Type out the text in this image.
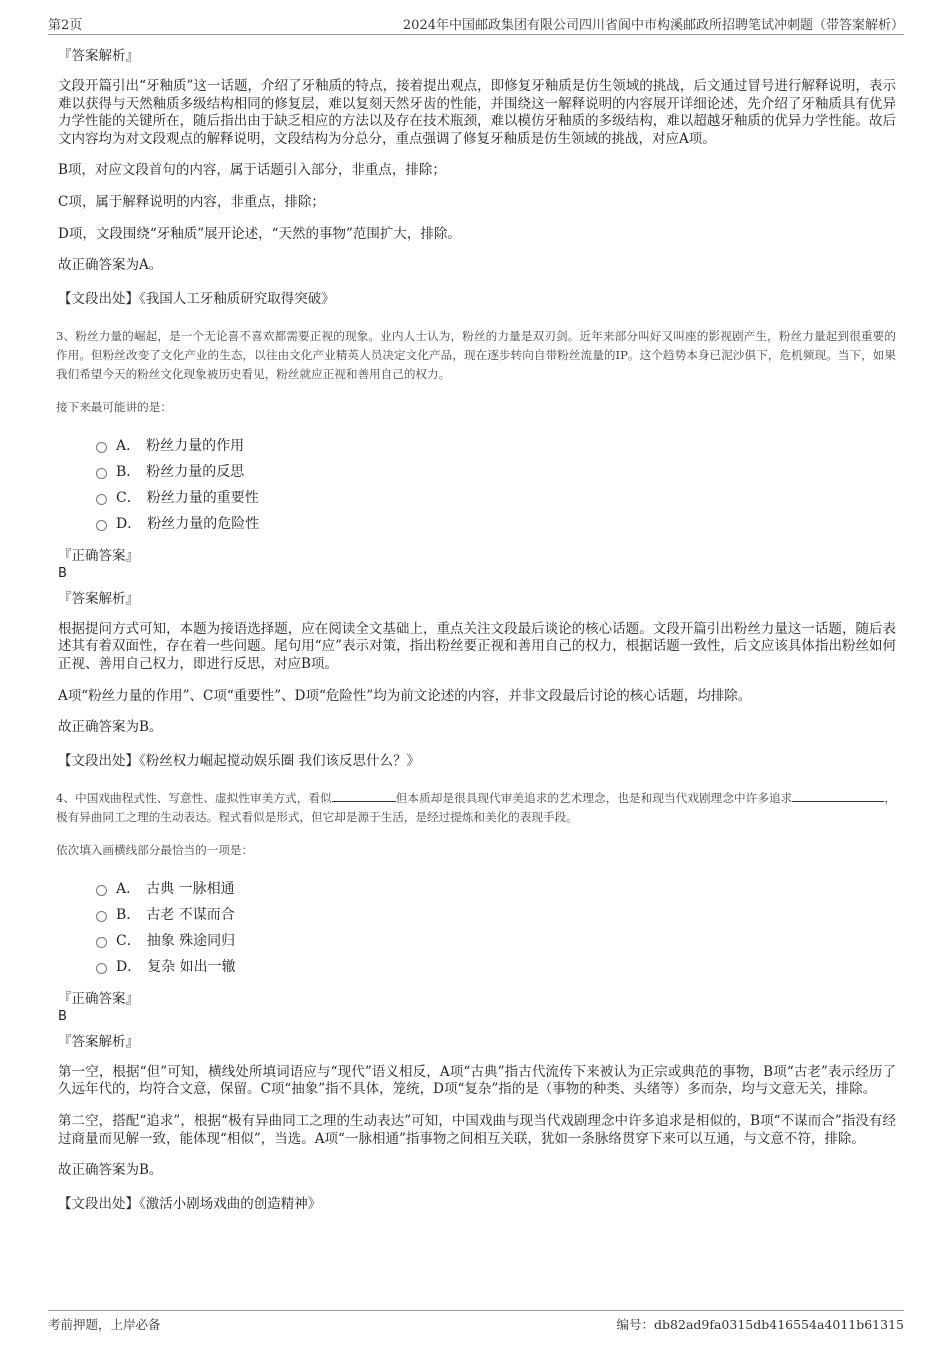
第2页	2024年中国邮政集团有限公司四川省阆中市构溪邮政所招聘笔试冲刺题（带答案解析）
『答案解析』

文段开篇引出“牙釉质”这一话题，介绍了牙釉质的特点，接着提出观点，即修复牙釉质是仿生领域的挑战，后文通过冒号进行解释说明，表示难以获得与天然釉质多级结构相同的修复层，难以复刻天然牙齿的性能，并围绕这一解释说明的内容展开详细论述，先介绍了牙釉质具有优异力学性能的关键所在，随后指出由于缺乏相应的方法以及存在技术瓶颈，难以模仿牙釉质的多级结构，难以超越牙釉质的优异力学性能。故后文内容均为对文段观点的解释说明，文段结构为分总分，重点强调了修复牙釉质是仿生领域的挑战，对应A项。

B项，对应文段首句的内容，属于话题引入部分，非重点，排除；

C项，属于解释说明的内容，非重点，排除；

D项，文段围绕“牙釉质”展开论述，“天然的事物”范围扩大，排除。

故正确答案为A。

【文段出处】《我国人工牙釉质研究取得突破》

3、粉丝力量的崛起，是一个无论喜不喜欢都需要正视的现象。业内人士认为，粉丝的力量是双刃剑。近年来部分叫好又叫座的影视剧产生，粉丝力量起到很重要的作用。但粉丝改变了文化产业的生态，以往由文化产业精英人员决定文化产品，现在逐步转向自带粉丝流量的IP。这个趋势本身已泥沙俱下，危机频现。当下，如果我们希望今天的粉丝文化现象被历史看见，粉丝就应正视和善用自己的权力。

接下来最可能讲的是：
A． 粉丝力量的作用
B． 粉丝力量的反思
C． 粉丝力量的重要性
D． 粉丝力量的危险性
『正确答案』
B
『答案解析』

根据提问方式可知，本题为接语选择题，应在阅读全文基础上，重点关注文段最后谈论的核心话题。文段开篇引出粉丝力量这一话题，随后表述其有着双面性，存在着一些问题。尾句用“应”表示对策，指出粉丝要正视和善用自己的权力，根据话题一致性，后文应该具体指出粉丝如何正视、善用自己权力，即进行反思，对应B项。

A项“粉丝力量的作用”、C项“重要性”、D项“危险性”均为前文论述的内容，并非文段最后讨论的核心话题，均排除。

故正确答案为B。

【文段出处】《粉丝权力崛起搅动娱乐圈 我们该反思什么？》

4、中国戏曲程式性、写意性、虚拟性审美方式，看似	但本质却是很具现代审美追求的艺术理念，也是和现当代戏剧理念中许多追求	，极有异曲同工之理的生动表达。程式看似是形式，但它却是源于生活，是经过提炼和美化的表现手段。

依次填入画横线部分最恰当的一项是：
A． 古典 一脉相通
B． 古老 不谋而合
C． 抽象 殊途同归
D． 复杂 如出一辙
『正确答案』
B
『答案解析』

第一空，根据“但”可知，横线处所填词语应与“现代”语义相反，A项“古典”指古代流传下来被认为正宗或典范的事物，B项“古老”表示经历了久远年代的，均符合文意，保留。C项“抽象”指不具体，笼统，D项“复杂”指的是（事物的种类、头绪等）多而杂，均与文意无关，排除。

第二空，搭配“追求”，根据“极有异曲同工之理的生动表达”可知，中国戏曲与现当代戏剧理念中许多追求是相似的，B项“不谋而合”指没有经过商量而见解一致，能体现“相似”，当选。A项“一脉相通”指事物之间相互关联，犹如一条脉络贯穿下来可以互通，与文意不符，排除。

故正确答案为B。

【文段出处】《激活小剧场戏曲的创造精神》
考前押题，上岸必备	编号：db82ad9fa0315db416554a4011b61315
